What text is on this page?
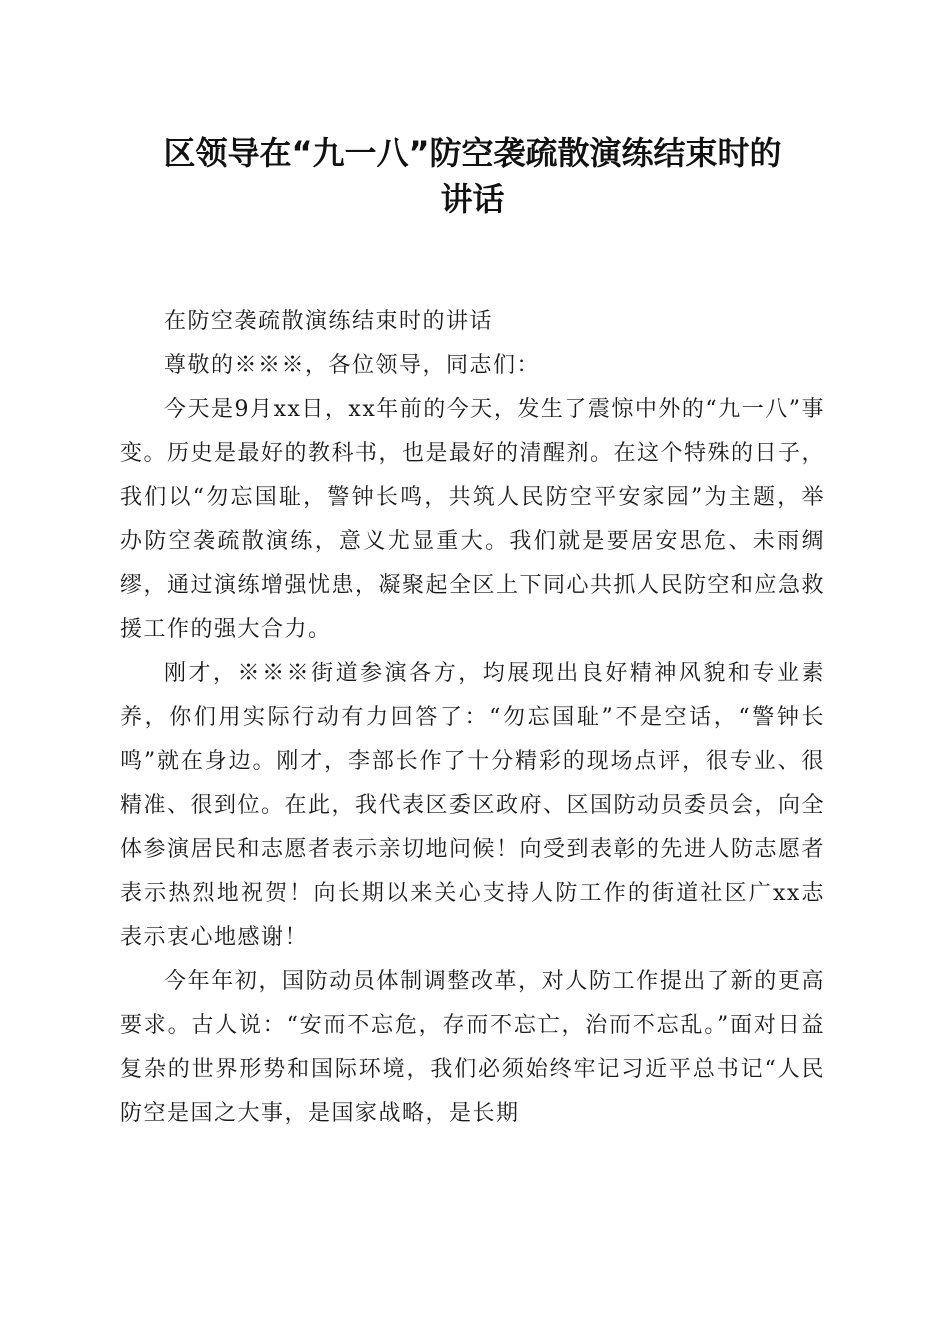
区领导在“九一八”防空袭疏散演练结束时的
讲话

在防空袭疏散演练结束时的讲话

尊敬的※※※，各位领导，同志们：

今天是9月xx日，xx年前的今天，发生了震惊中外的“九一八”事变。历史是最好的教科书，也是最好的清醒剂。在这个特殊的日子，我们以“勿忘国耻，警钟长鸣，共筑人民防空平安家园”为主题，举办防空袭疏散演练，意义尤显重大。我们就是要居安思危、未雨绸缪，通过演练增强忧患，凝聚起全区上下同心共抓人民防空和应急救援工作的强大合力。

刚才，※※※街道参演各方，均展现出良好精神风貌和专业素养，你们用实际行动有力回答了：“勿忘国耻”不是空话，“警钟长鸣”就在身边。刚才，李部长作了十分精彩的现场点评，很专业、很精准、很到位。在此，我代表区委区政府、区国防动员委员会，向全体参演居民和志愿者表示亲切地问候！向受到表彰的先进人防志愿者表示热烈地祝贺！向长期以来关心支持人防工作的街道社区广xx志表示衷心地感谢！

今年年初，国防动员体制调整改革，对人防工作提出了新的更高要求。古人说：“安而不忘危，存而不忘亡，治而不忘乱。”面对日益复杂的世界形势和国际环境，我们必须始终牢记习近平总书记“人民防空是国之大事，是国家战略，是长期
